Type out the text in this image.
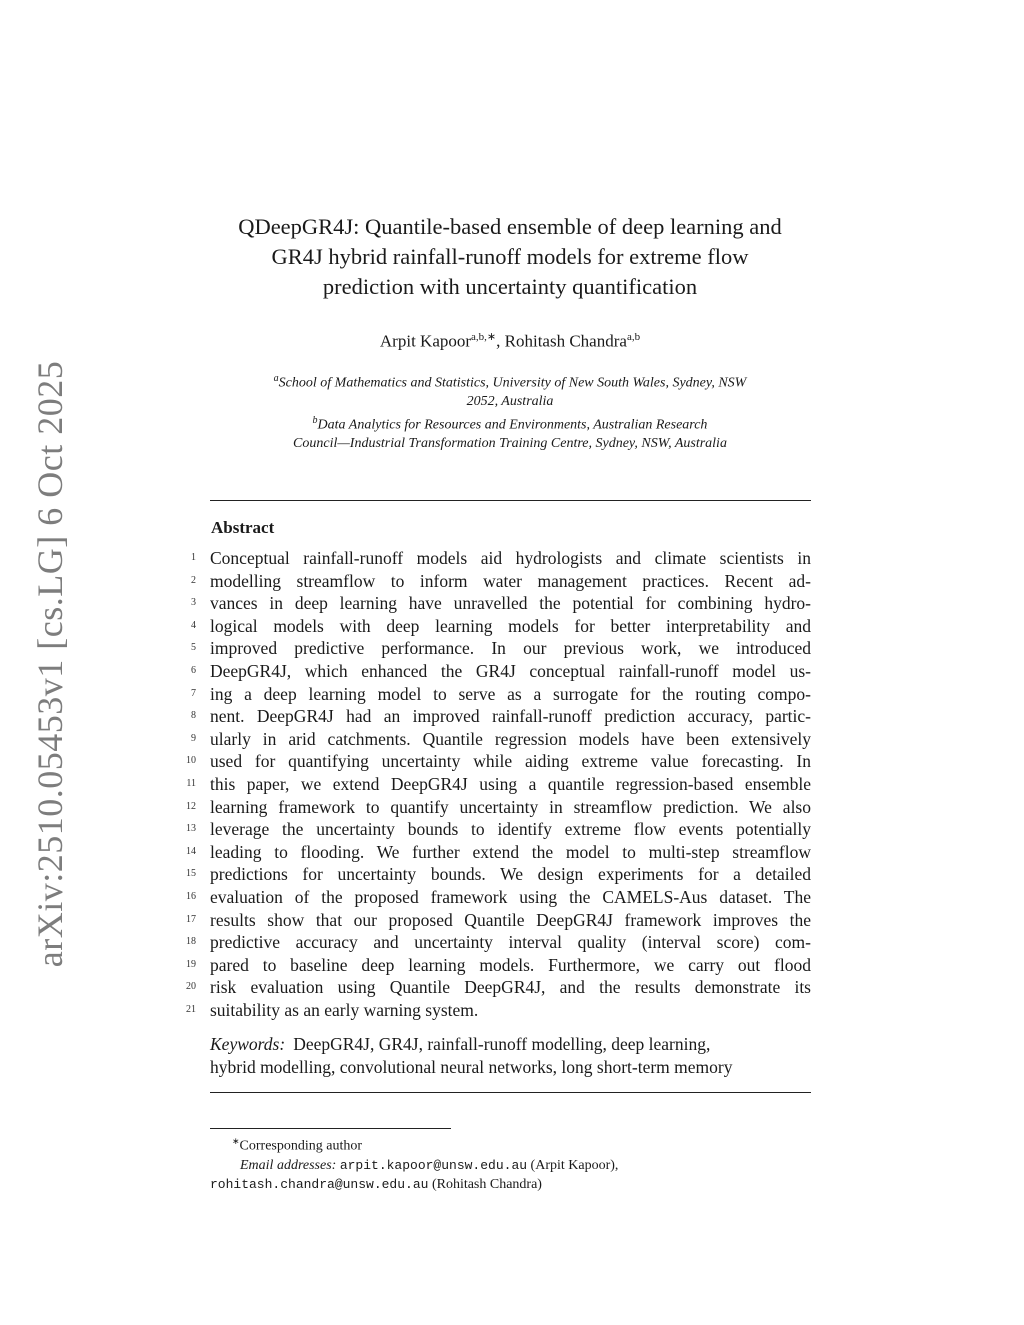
arXiv:2510.05453v1 [cs.LG] 6 Oct 2025
QDeepGR4J: Quantile-based ensemble of deep learning and
GR4J hybrid rainfall-runoff models for extreme flow
prediction with uncertainty quantification
Arpit Kapoor$^{a,b,∗}$, Rohitash Chandra$^{a,b}$
$^a$School of Mathematics and Statistics, University of New South Wales, Sydney, NSW
2052, Australia
$^b$Data Analytics for Resources and Environments, Australian Research
Council—Industrial Transformation Training Centre, Sydney, NSW, Australia
Abstract
1 Conceptual rainfall-runoff models aid hydrologists and climate scientists in
2 modelling streamflow to inform water management practices. Recent ad-
3 vances in deep learning have unravelled the potential for combining hydro-
4 logical models with deep learning models for better interpretability and
5 improved predictive performance. In our previous work, we introduced
6 DeepGR4J, which enhanced the GR4J conceptual rainfall-runoff model us-
7 ing a deep learning model to serve as a surrogate for the routing compo-
8 nent. DeepGR4J had an improved rainfall-runoff prediction accuracy, partic-
9 ularly in arid catchments. Quantile regression models have been extensively
10 used for quantifying uncertainty while aiding extreme value forecasting. In
11 this paper, we extend DeepGR4J using a quantile regression-based ensemble
12 learning framework to quantify uncertainty in streamflow prediction. We also
13 leverage the uncertainty bounds to identify extreme flow events potentially
14 leading to flooding. We further extend the model to multi-step streamflow
15 predictions for uncertainty bounds. We design experiments for a detailed
16 evaluation of the proposed framework using the CAMELS-Aus dataset. The
17 results show that our proposed Quantile DeepGR4J framework improves the
18 predictive accuracy and uncertainty interval quality (interval score) com-
19 pared to baseline deep learning models. Furthermore, we carry out flood
20 risk evaluation using Quantile DeepGR4J, and the results demonstrate its
21 suitability as an early warning system.
Keywords: DeepGR4J, GR4J, rainfall-runoff modelling, deep learning,
hybrid modelling, convolutional neural networks, long short-term memory
∗Corresponding author
Email addresses: arpit.kapoor@unsw.edu.au (Arpit Kapoor),
rohitash.chandra@unsw.edu.au (Rohitash Chandra)
